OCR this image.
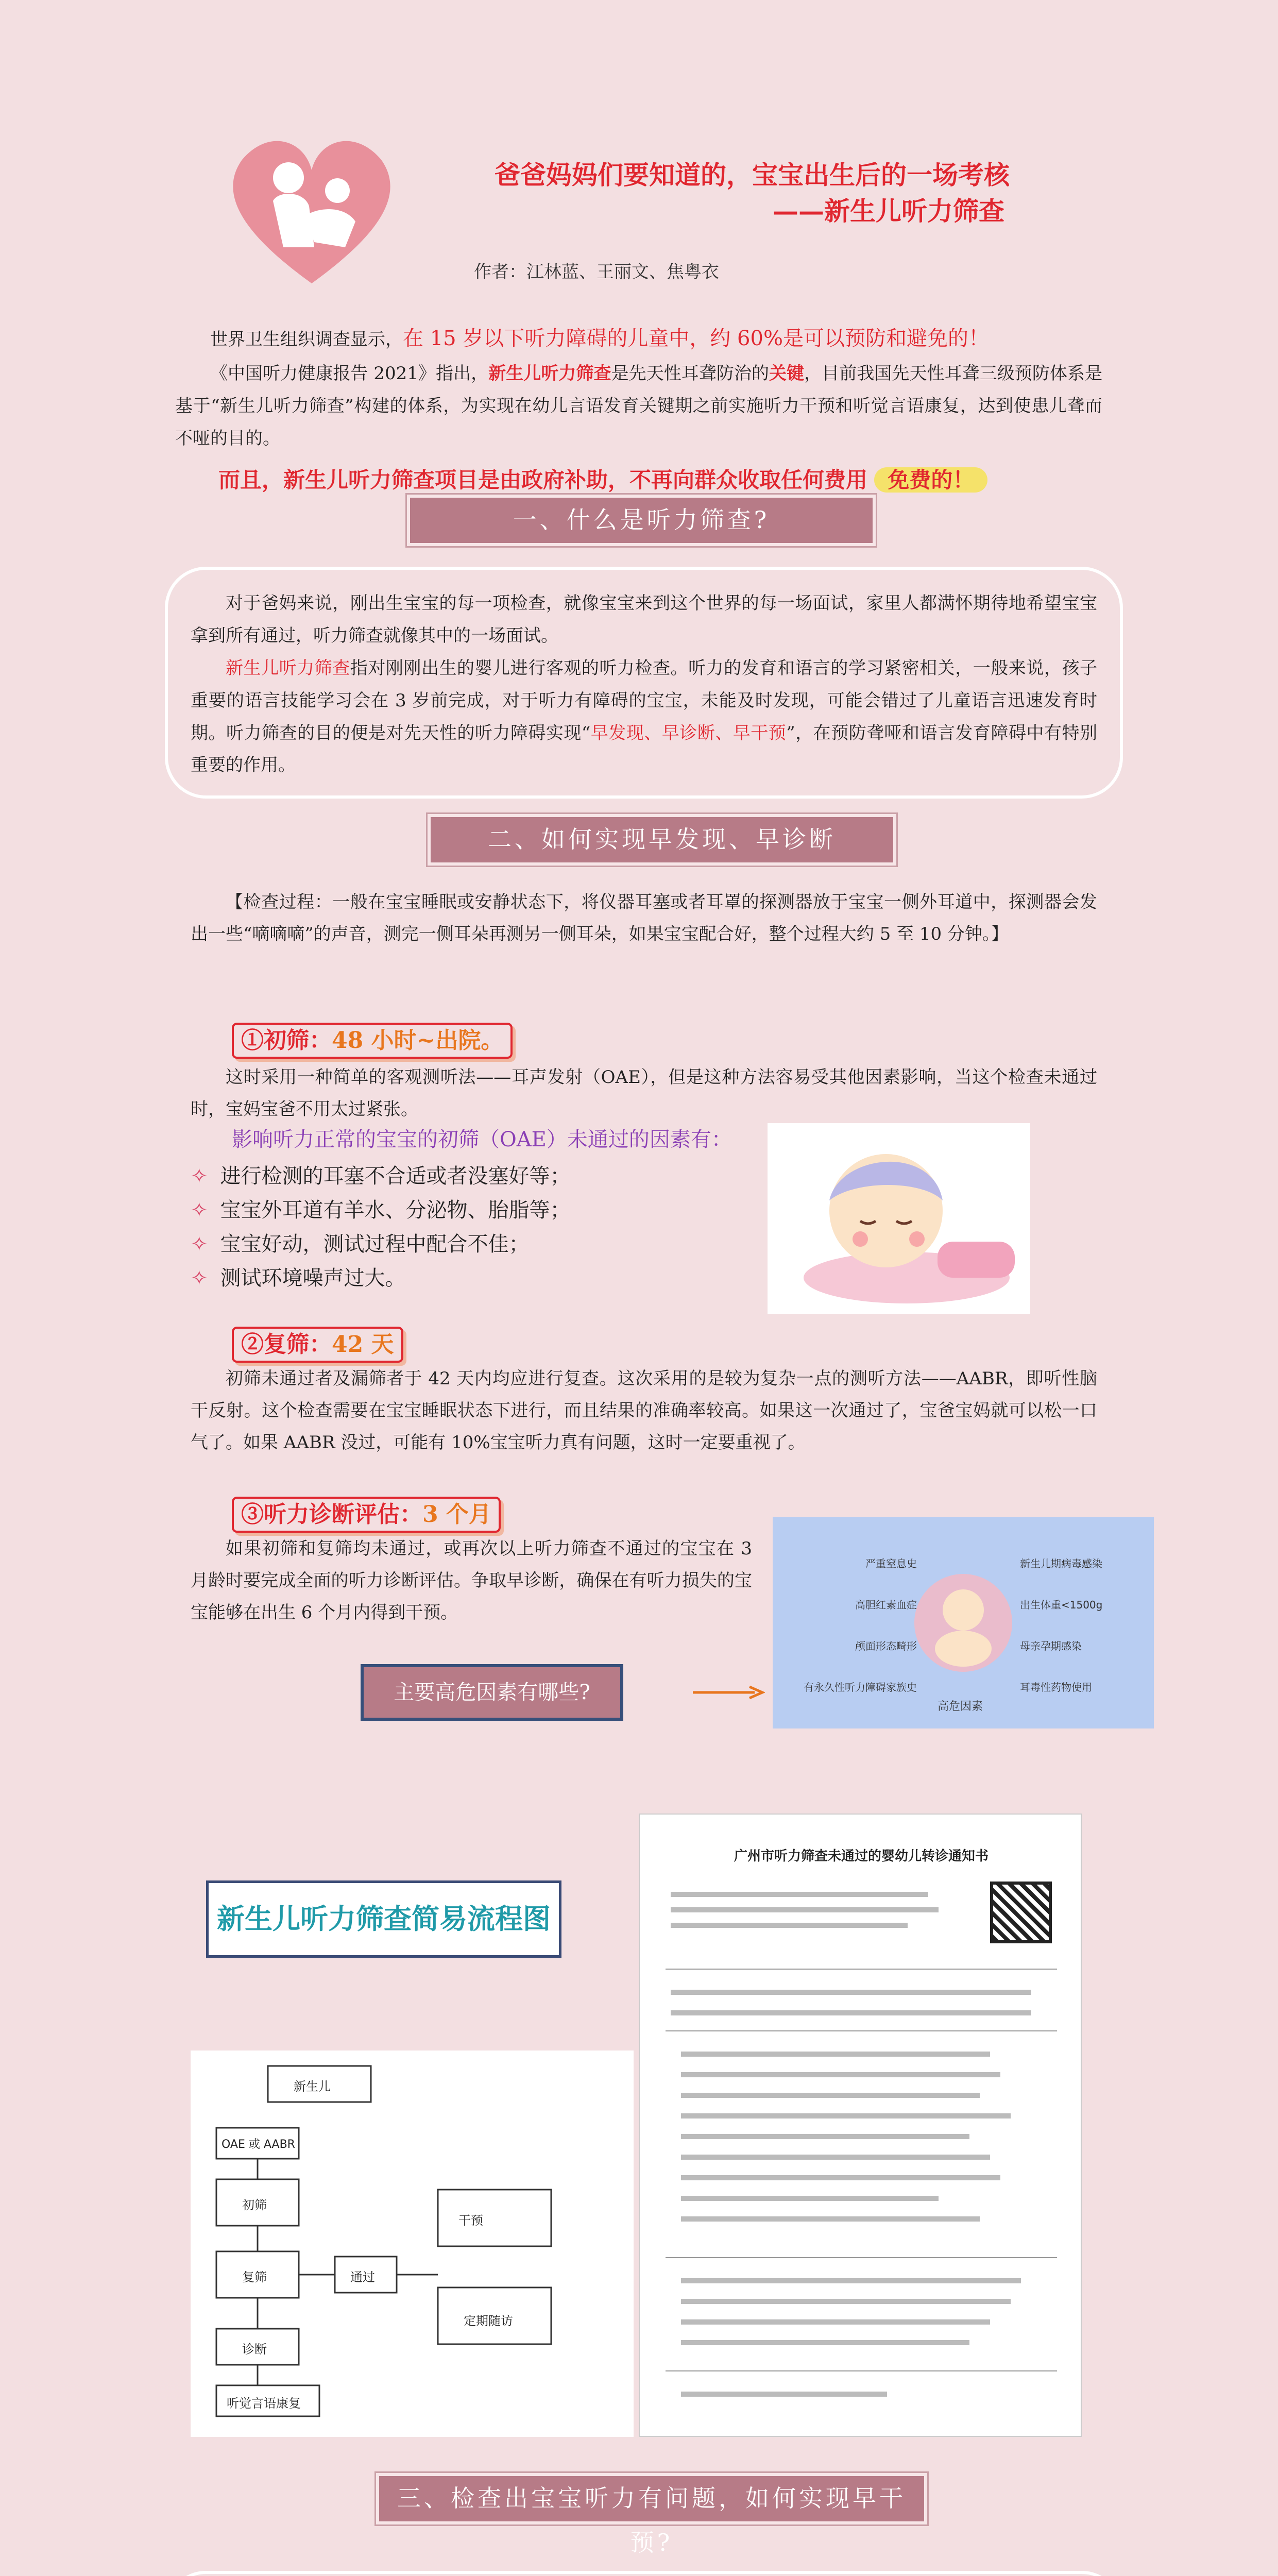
爸爸妈妈们要知道的，宝宝出生后的一场考核
——新生儿听力筛查
作者：江林蓝、王丽文、焦粤衣

世界卫生组织调查显示，在 15 岁以下听力障碍的儿童中，约 60%是可以预防和避免的！

《中国听力健康报告 2021》指出，新生儿听力筛查是先天性耳聋防治的关键，目前我国先天性耳聋三级预防体系是基于“新生儿听力筛查”构建的体系，为实现在幼儿言语发育关键期之前实施听力干预和听觉言语康复，达到使患儿聋而不哑的目的。

而且，新生儿听力筛查项目是由政府补助，不再向群众收取任何费用 免费的！

一、什么是听力筛查?

对于爸妈来说，刚出生宝宝的每一项检查，就像宝宝来到这个世界的每一场面试，家里人都满怀期待地希望宝宝拿到所有通过，听力筛查就像其中的一场面试。

新生儿听力筛查指对刚刚出生的婴儿进行客观的听力检查。听力的发育和语言的学习紧密相关，一般来说，孩子重要的语言技能学习会在 3 岁前完成，对于听力有障碍的宝宝，未能及时发现，可能会错过了儿童语言迅速发育时期。听力筛查的目的便是对先天性的听力障碍实现“早发现、早诊断、早干预”，在预防聋哑和语言发育障碍中有特别重要的作用。

二、如何实现早发现、早诊断
【检查过程：一般在宝宝睡眠或安静状态下，将仪器耳塞或者耳罩的探测器放于宝宝一侧外耳道中，探测器会发出一些“嘀嘀嘀”的声音，测完一侧耳朵再测另一侧耳朵，如果宝宝配合好，整个过程大约 5 至 10 分钟。】
①初筛：48 小时~出院。
这时采用一种简单的客观测听法——耳声发射（OAE），但是这种方法容易受其他因素影响，当这个检查未通过时，宝妈宝爸不用太过紧张。
影响听力正常的宝宝的初筛（OAE）未通过的因素有：
✧ 进行检测的耳塞不合适或者没塞好等；
✧ 宝宝外耳道有羊水、分泌物、胎脂等；
✧ 宝宝好动，测试过程中配合不佳；
✧ 测试环境噪声过大。
②复筛：42 天
初筛未通过者及漏筛者于 42 天内均应进行复查。这次采用的是较为复杂一点的测听方法——AABR，即听性脑干反射。这个检查需要在宝宝睡眠状态下进行，而且结果的准确率较高。如果这一次通过了，宝爸宝妈就可以松一口气了。如果 AABR 没过，可能有 10%宝宝听力真有问题，这时一定要重视了。
③听力诊断评估：3 个月
如果初筛和复筛均未通过，或再次以上听力筛查不通过的宝宝在 3 月龄时要完成全面的听力诊断评估。争取早诊断，确保在有听力损失的宝宝能够在出生 6 个月内得到干预。
主要高危因素有哪些?
高危因素
严重窒息史
高胆红素血症
颅面形态畸形
有永久性听力障碍家族史
新生儿期病毒感染
出生体重<1500g
母亲孕期感染
耳毒性药物使用
新生儿听力筛查简易流程图
新生儿
OAE 或 AABR
初筛
复筛	通过
定期随访
诊断
干预
听觉言语康复
广州市听力筛查未通过的婴幼儿转诊通知书
二维码
三、检查出宝宝听力有问题，如何实现早干预?
